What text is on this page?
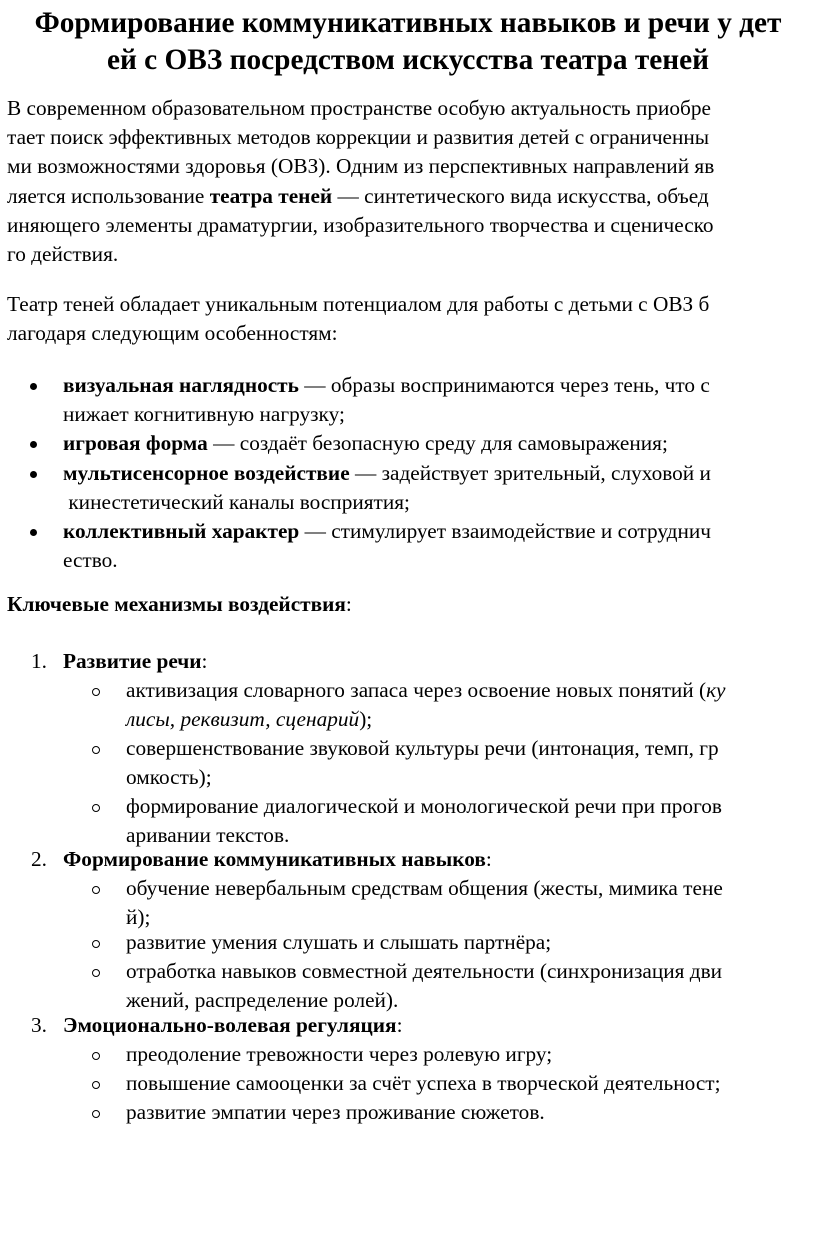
Формирование коммуникативных навыков и речи у дет
ей с ОВЗ посредством искусства театра теней
В современном образовательном пространстве особую актуальность приобре
тает поиск эффективных методов коррекции и развития детей с ограниченны
ми возможностями здоровья (ОВЗ). Одним из перспективных направлений яв
ляется использование театра теней — синтетического вида искусства, объед
иняющего элементы драматургии, изобразительного творчества и сценическо
го действия.
Театр теней обладает уникальным потенциалом для работы с детьми с ОВЗ б
лагодаря следующим особенностям:
визуальная наглядность — образы воспринимаются через тень, что с
нижает когнитивную нагрузку;
игровая форма — создаёт безопасную среду для самовыражения;
мультисенсорное воздействие — задействует зрительный, слуховой и
кинестетический каналы восприятия;
коллективный характер — стимулирует взаимодействие и сотруднич
ество.
Ключевые механизмы воздействия:
1. Развитие речи:
активизация словарного запаса через освоение новых понятий (ку
лисы, реквизит, сценарий);
совершенствование звуковой культуры речи (интонация, темп, гр
омкость);
формирование диалогической и монологической речи при прогов
аривании текстов.
2. Формирование коммуникативных навыков:
обучение невербальным средствам общения (жесты, мимика тене
й);
развитие умения слушать и слышать партнёра;
отработка навыков совместной деятельности (синхронизация дви
жений, распределение ролей).
3. Эмоционально-волевая регуляция:
преодоление тревожности через ролевую игру;
повышение самооценки за счёт успеха в творческой деятельност;
развитие эмпатии через проживание сюжетов.
